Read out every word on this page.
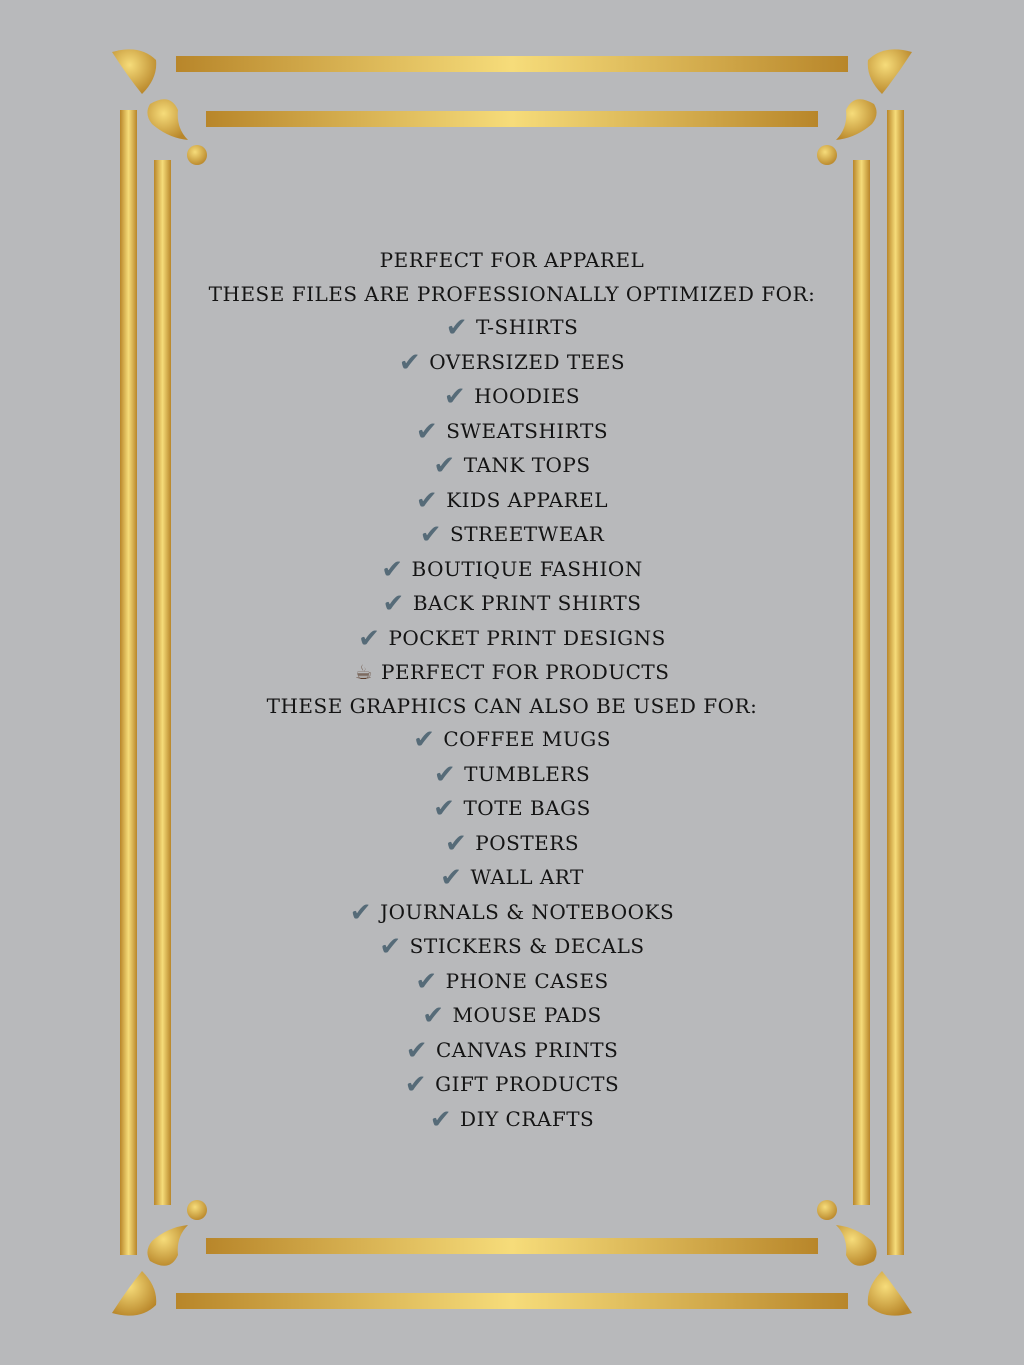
PERFECT FOR APPAREL
THESE FILES ARE PROFESSIONALLY OPTIMIZED FOR:
✔ T-SHIRTS
✔ OVERSIZED TEES
✔ HOODIES
✔ SWEATSHIRTS
✔ TANK TOPS
✔ KIDS APPAREL
✔ STREETWEAR
✔ BOUTIQUE FASHION
✔ BACK PRINT SHIRTS
✔ POCKET PRINT DESIGNS
☕ PERFECT FOR PRODUCTS
THESE GRAPHICS CAN ALSO BE USED FOR:
✔ COFFEE MUGS
✔ TUMBLERS
✔ TOTE BAGS
✔ POSTERS
✔ WALL ART
✔ JOURNALS & NOTEBOOKS
✔ STICKERS & DECALS
✔ PHONE CASES
✔ MOUSE PADS
✔ CANVAS PRINTS
✔ GIFT PRODUCTS
✔ DIY CRAFTS
